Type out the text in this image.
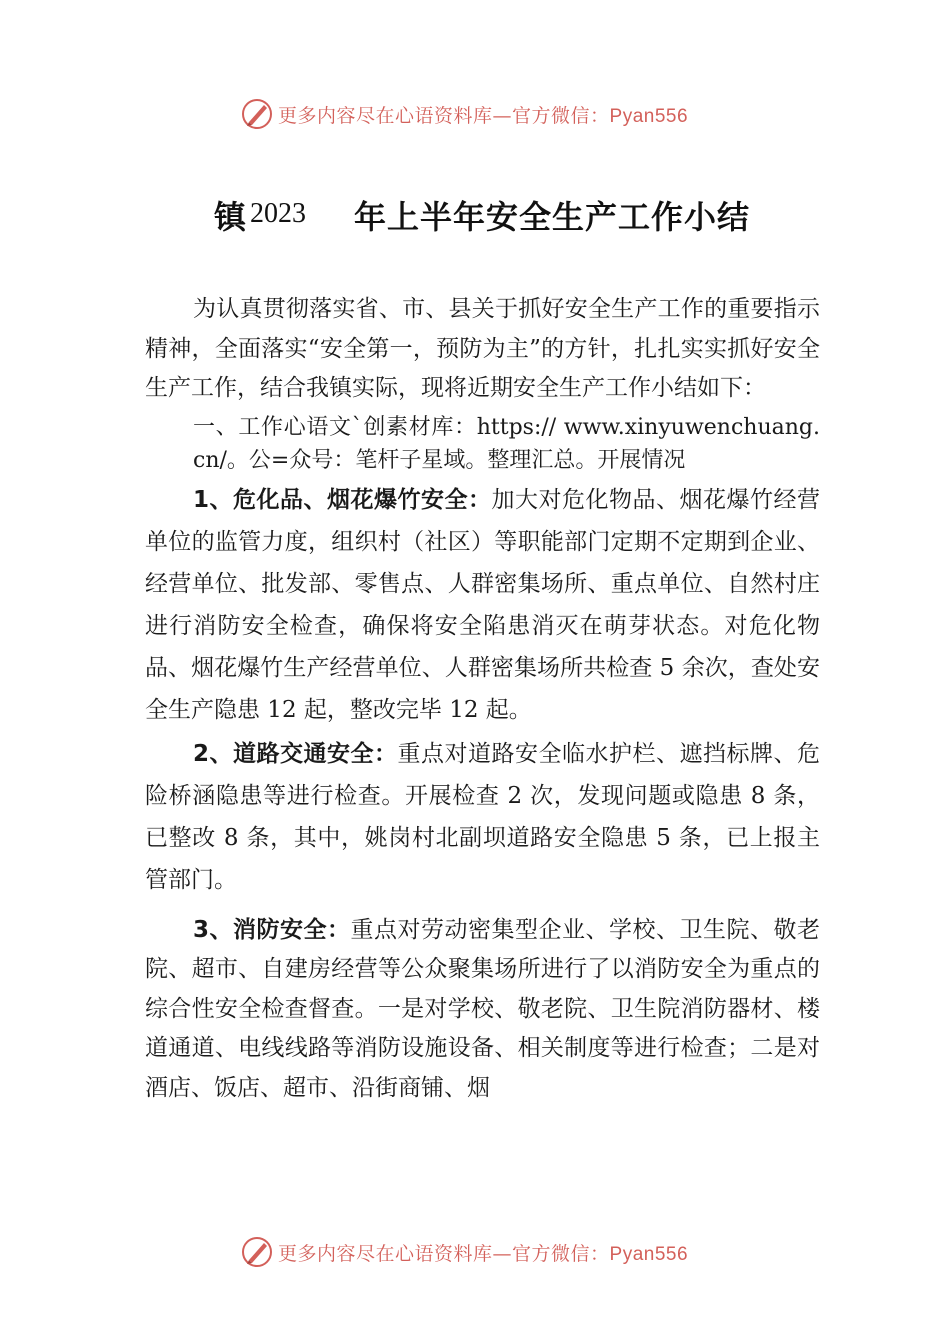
更多内容尽在心语资料库—官方微信：Pyan556
镇 2023 年上半年安全生产工作小结

为认真贯彻落实省、市、县关于抓好安全生产工作的重要指示精神，全面落实“安全第一，预防为主”的方针，扎扎实实抓好安全生产工作，结合我镇实际，现将近期安全生产工作小结如下：

一、工作心语文`创素材库：https:// www.xinyuwenchuang.cn/。公=众号：笔杆子星域。整理汇总。开展情况

1、危化品、烟花爆竹安全：加大对危化物品、烟花爆竹经营单位的监管力度，组织村（社区）等职能部门定期不定期到企业、经营单位、批发部、零售点、人群密集场所、重点单位、自然村庄进行消防安全检查，确保将安全陷患消灭在萌芽状态。对危化物品、烟花爆竹生产经营单位、人群密集场所共检查 5 余次，查处安全生产隐患 12 起，整改完毕 12 起。

2、道路交通安全：重点对道路安全临水护栏、遮挡标牌、危险桥涵隐患等进行检查。开展检查 2 次，发现问题或隐患 8 条，已整改 8 条，其中，姚岗村北副坝道路安全隐患 5 条，已上报主管部门。

3、消防安全：重点对劳动密集型企业、学校、卫生院、敬老院、超市、自建房经营等公众聚集场所进行了以消防安全为重点的综合性安全检查督查。一是对学校、敬老院、卫生院消防器材、楼道通道、电线线路等消防设施设备、相关制度等进行检查；二是对酒店、饭店、超市、沿街商铺、烟

更多内容尽在心语资料库—官方微信：Pyan556
